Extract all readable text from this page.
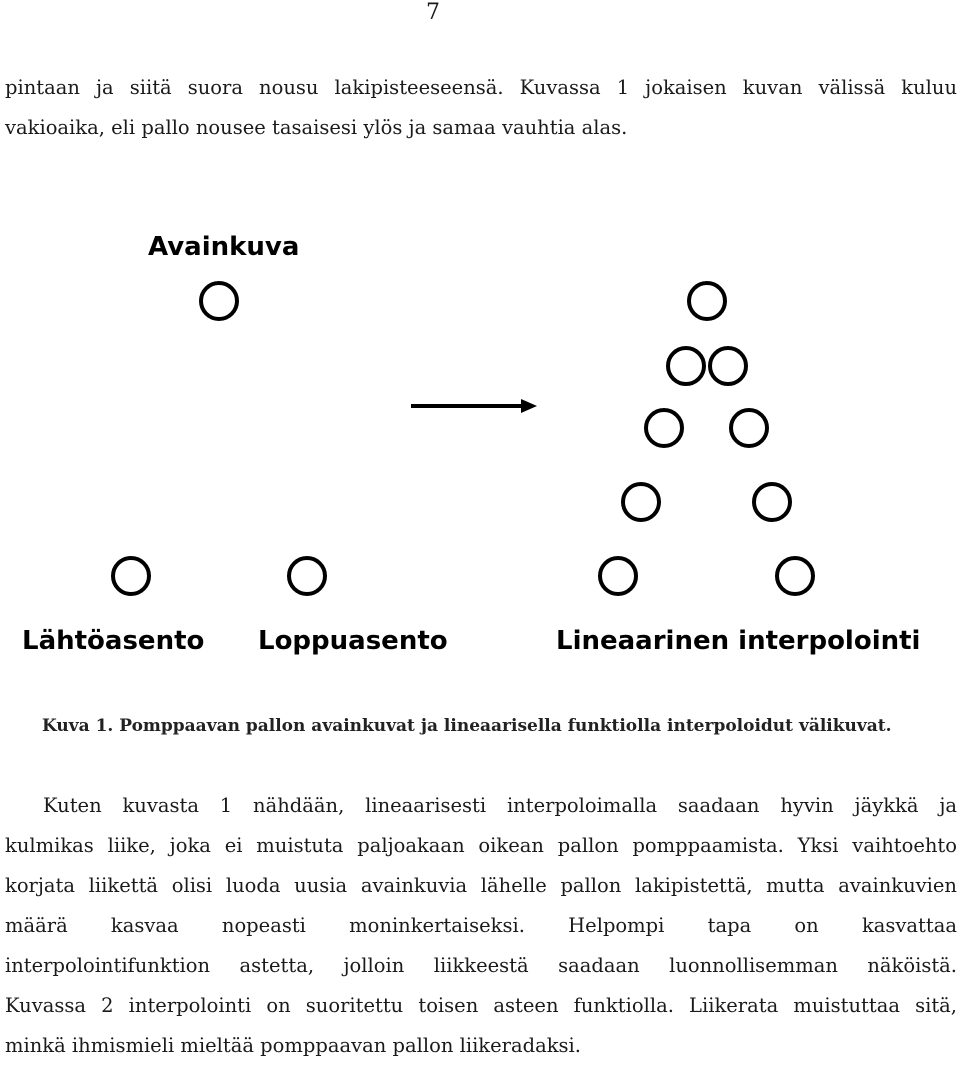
7
pintaan ja siitä suora nousu lakipisteeseensä. Kuvassa 1 jokaisen kuvan välissä kuluu
vakioaika, eli pallo nousee tasaisesi ylös ja samaa vauhtia alas.
Avainkuva
Lähtöasento Loppuasento	Lineaarinen interpolointi
Kuva 1. Pomppaavan pallon avainkuvat ja lineaarisella funktiolla interpoloidut välikuvat.
Kuten kuvasta 1 nähdään, lineaarisesti interpoloimalla saadaan hyvin jäykkä ja
kulmikas liike, joka ei muistuta paljoakaan oikean pallon pomppaamista. Yksi vaihtoehto
korjata liikettä olisi luoda uusia avainkuvia lähelle pallon lakipistettä, mutta avainkuvien
määrä kasvaa nopeasti moninkertaiseksi. Helpompi tapa on kasvattaa
interpolointifunktion astetta, jolloin liikkeestä saadaan luonnollisemman näköistä.
Kuvassa 2 interpolointi on suoritettu toisen asteen funktiolla. Liikerata muistuttaa sitä,
minkä ihmismieli mieltää pomppaavan pallon liikeradaksi.
